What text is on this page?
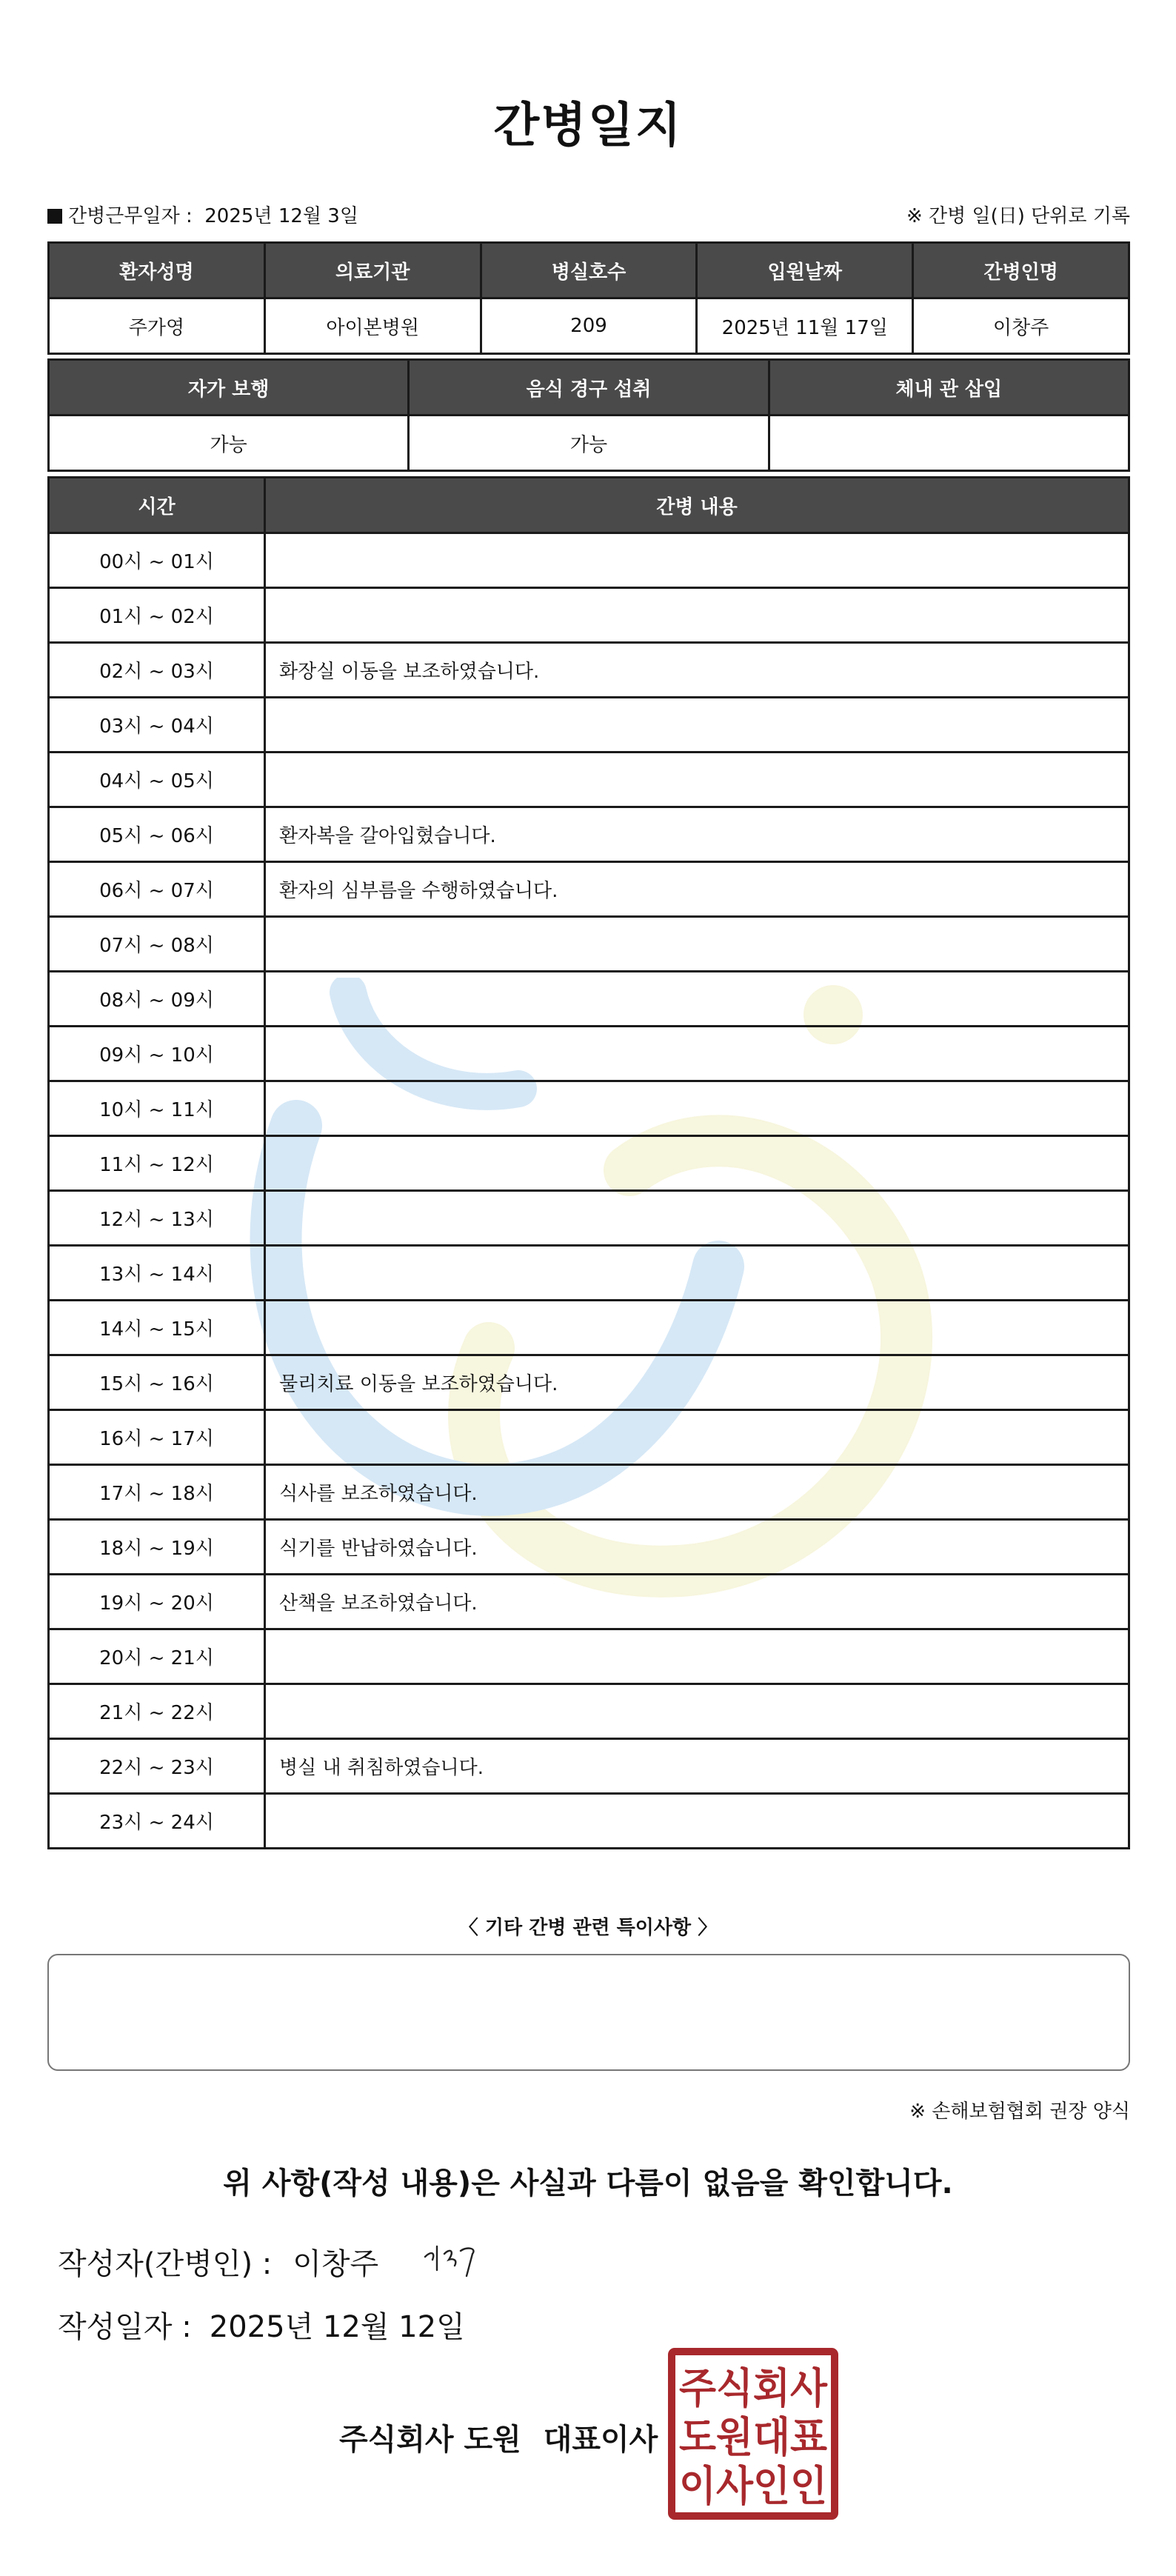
간병일지
간병근무일자 : 2025년 12월 3일	※ 간병 일(日) 단위로 기록
환자성명	의료기관	병실호수	입원날짜	간병인명
주가영	아이본병원	209	2025년 11월 17일	이창주
자가 보행	음식 경구 섭취	체내 관 삽입
가능	가능	
시간	간병 내용
00시 ~ 01시	
01시 ~ 02시	
02시 ~ 03시	화장실 이동을 보조하였습니다.
03시 ~ 04시	
04시 ~ 05시	
05시 ~ 06시	환자복을 갈아입혔습니다.
06시 ~ 07시	환자의 심부름을 수행하였습니다.
07시 ~ 08시	
08시 ~ 09시	
09시 ~ 10시	
10시 ~ 11시	
11시 ~ 12시	
12시 ~ 13시	
13시 ~ 14시	
14시 ~ 15시	
15시 ~ 16시	물리치료 이동을 보조하였습니다.
16시 ~ 17시	
17시 ~ 18시	식사를 보조하였습니다.
18시 ~ 19시	식기를 반납하였습니다.
19시 ~ 20시	산책을 보조하였습니다.
20시 ~ 21시	
21시 ~ 22시	
22시 ~ 23시	병실 내 취침하였습니다.
23시 ~ 24시	
〈 기타 간병 관련 특이사항 〉
※ 손해보험협회 권장 양식
위 사항(작성 내용)은 사실과 다름이 없음을 확인합니다.
작성자(간병인) : 이창주
작성일자 : 2025년 12월 12일
주식회사 도원 대표이사
주식회사
도원대표
이사인인
